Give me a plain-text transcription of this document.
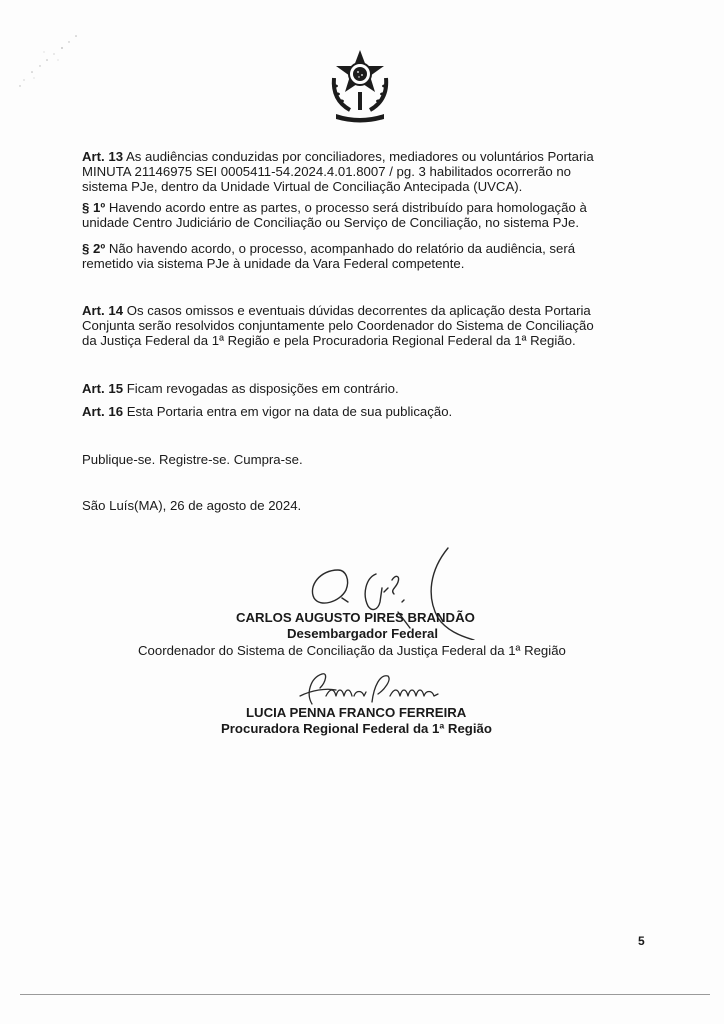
Art. 13 As audiências conduzidas por conciliadores, mediadores ou voluntários Portaria
MINUTA 21146975 SEI 0005411-54.2024.4.01.8007 / pg. 3 habilitados ocorrerão no
sistema PJe, dentro da Unidade Virtual de Conciliação Antecipada (UVCA).

§ 1º Havendo acordo entre as partes, o processo será distribuído para homologação à
unidade Centro Judiciário de Conciliação ou Serviço de Conciliação, no sistema PJe.

§ 2º Não havendo acordo, o processo, acompanhado do relatório da audiência, será
remetido via sistema PJe à unidade da Vara Federal competente.

Art. 14 Os casos omissos e eventuais dúvidas decorrentes da aplicação desta Portaria
Conjunta serão resolvidos conjuntamente pelo Coordenador do Sistema de Conciliação
da Justiça Federal da 1ª Região e pela Procuradoria Regional Federal da 1ª Região.

Art. 15 Ficam revogadas as disposições em contrário.

Art. 16 Esta Portaria entra em vigor na data de sua publicação.

Publique-se. Registre-se. Cumpra-se.

São Luís(MA), 26 de agosto de 2024.

CARLOS AUGUSTO PIRES BRANDÃO

Desembargador Federal

Coordenador do Sistema de Conciliação da Justiça Federal da 1ª Região

LUCIA PENNA FRANCO FERREIRA

Procuradora Regional Federal da 1ª Região

5
